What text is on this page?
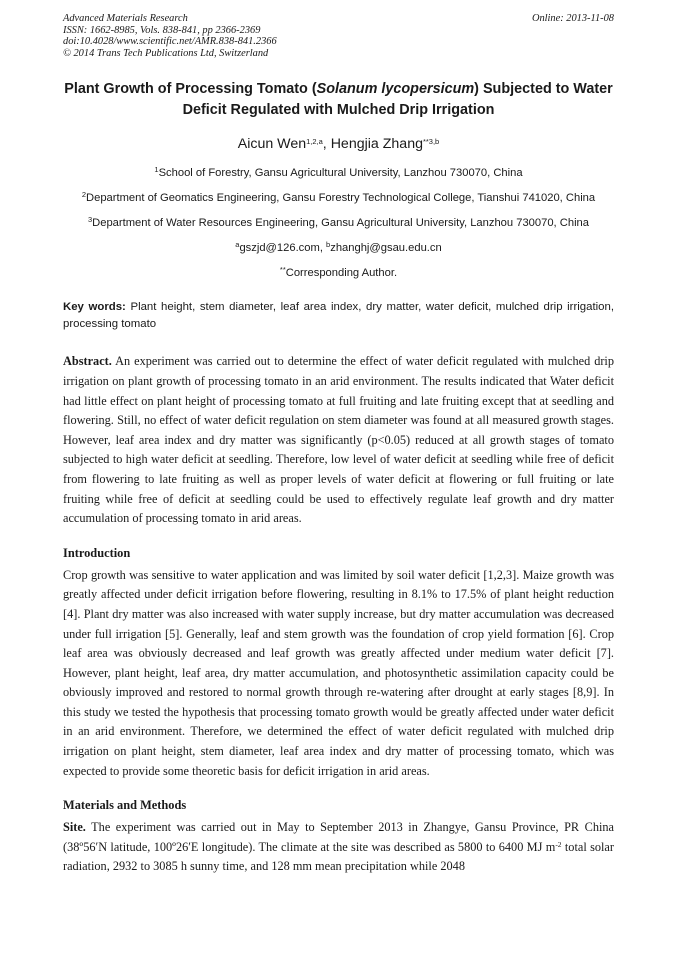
Advanced Materials Research
ISSN: 1662-8985, Vols. 838-841, pp 2366-2369
doi:10.4028/www.scientific.net/AMR.838-841.2366
© 2014 Trans Tech Publications Ltd, Switzerland
Online: 2013-11-08
Plant Growth of Processing Tomato (Solanum lycopersicum) Subjected to Water Deficit Regulated with Mulched Drip Irrigation
Aicun Wen$^{1,2,a}$, Hengjia Zhang$^{**3,b}$
$^1$School of Forestry, Gansu Agricultural University, Lanzhou 730070, China
$^2$Department of Geomatics Engineering, Gansu Forestry Technological College, Tianshui 741020, China
$^3$Department of Water Resources Engineering, Gansu Agricultural University, Lanzhou 730070, China
$^a$gszjd@126.com, $^b$zhanghj@gsau.edu.cn
**Corresponding Author.
Key words: Plant height, stem diameter, leaf area index, dry matter, water deficit, mulched drip irrigation, processing tomato
Abstract. An experiment was carried out to determine the effect of water deficit regulated with mulched drip irrigation on plant growth of processing tomato in an arid environment. The results indicated that Water deficit had little effect on plant height of processing tomato at full fruiting and late fruiting except that at seedling and flowering. Still, no effect of water deficit regulation on stem diameter was found at all measured growth stages. However, leaf area index and dry matter was significantly (p<0.05) reduced at all growth stages of tomato subjected to high water deficit at seedling. Therefore, low level of water deficit at seedling while free of deficit from flowering to late fruiting as well as proper levels of water deficit at flowering or full fruiting or late fruiting while free of deficit at seedling could be used to effectively regulate leaf growth and dry matter accumulation of processing tomato in arid areas.
Introduction

Crop growth was sensitive to water application and was limited by soil water deficit [1,2,3]. Maize growth was greatly affected under deficit irrigation before flowering, resulting in 8.1% to 17.5% of plant height reduction [4]. Plant dry matter was also increased with water supply increase, but dry matter accumulation was decreased under full irrigation [5]. Generally, leaf and stem growth was the foundation of crop yield formation [6]. Crop leaf area was obviously decreased and leaf growth was greatly affected under medium water deficit [7]. However, plant height, leaf area, dry matter accumulation, and photosynthetic assimilation capacity could be obviously improved and restored to normal growth through re-watering after drought at early stages [8,9]. In this study we tested the hypothesis that processing tomato growth would be greatly affected under water deficit in an arid environment. Therefore, we determined the effect of water deficit regulated with mulched drip irrigation on plant height, stem diameter, leaf area index and dry matter of processing tomato, which was expected to provide some theoretic basis for deficit irrigation in arid areas.

Materials and Methods

Site. The experiment was carried out in May to September 2013 in Zhangye, Gansu Province, PR China (38º56′N latitude, 100º26′E longitude). The climate at the site was described as 5800 to 6400 MJ $m^{-2}$ total solar radiation, 2932 to 3085 h sunny time, and 128 mm mean precipitation while 2048
